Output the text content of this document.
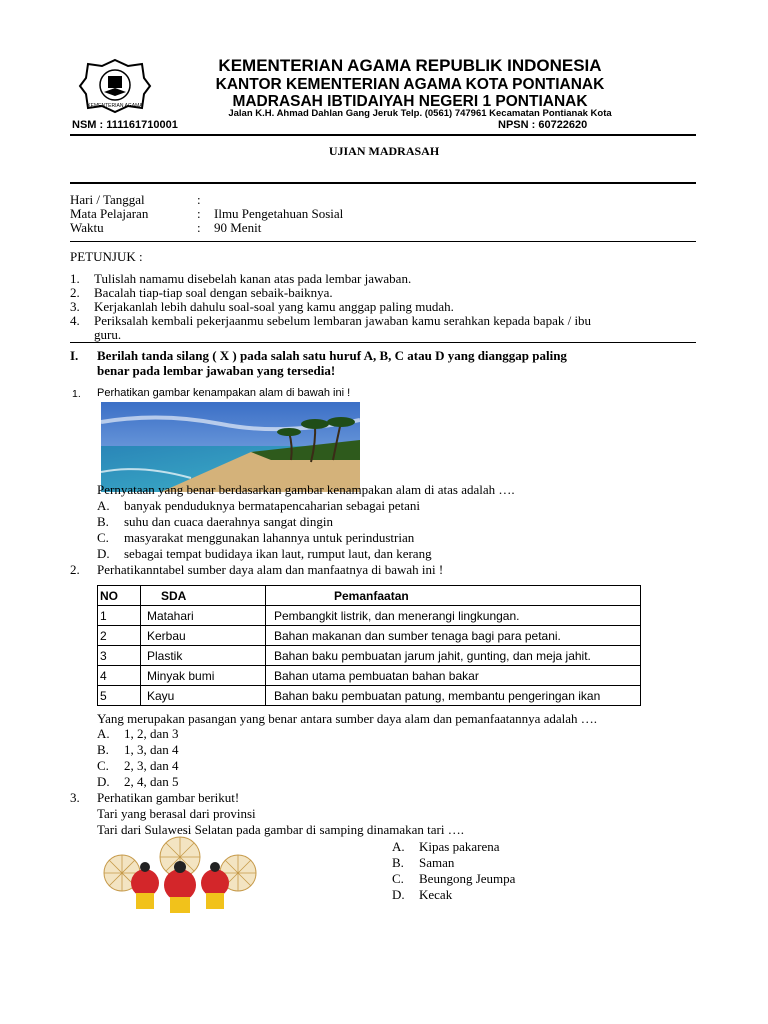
KEMENTERIAN AGAMA
KEMENTERIAN AGAMA REPUBLIK INDONESIA
KANTOR KEMENTERIAN AGAMA KOTA PONTIANAK
MADRASAH IBTIDAIYAH NEGERI 1 PONTIANAK
Jalan K.H. Ahmad Dahlan Gang Jeruk Telp. (0561) 747961 Kecamatan Pontianak Kota
NSM : 111161710001	NPSN : 60722620
UJIAN MADRASAH
Hari / Tanggal	:
Mata Pelajaran	: Ilmu Pengetahuan Sosial
Waktu	: 90 Menit
PETUNJUK :
1. Tulislah namamu disebelah kanan atas pada lembar jawaban.
2. Bacalah tiap-tiap soal dengan sebaik-baiknya.
3. Kerjakanlah lebih dahulu soal-soal yang kamu anggap paling mudah.
4. Periksalah kembali pekerjaanmu sebelum lembaran jawaban kamu serahkan kepada bapak / ibu
guru.
I. Berilah tanda silang ( X ) pada salah satu huruf A, B, C atau D yang dianggap paling
benar pada lembar jawaban yang tersedia!
1. Perhatikan gambar kenampakan alam di bawah ini !
Pernyataan yang benar berdasarkan gambar kenampakan alam di atas adalah ….
A. banyak penduduknya bermatapencaharian sebagai petani
B. suhu dan cuaca daerahnya sangat dingin
C. masyarakat menggunakan lahannya untuk perindustrian
D. sebagai tempat budidaya ikan laut, rumput laut, dan kerang
2. Perhatikanntabel sumber daya alam dan manfaatnya di bawah ini !
NO	SDA	Pemanfaatan
1	Matahari	Pembangkit listrik, dan menerangi lingkungan.
2	Kerbau	Bahan makanan dan sumber tenaga bagi para petani.
3	Plastik	Bahan baku pembuatan jarum jahit, gunting, dan meja jahit.
4	Minyak bumi	Bahan utama pembuatan bahan bakar
5	Kayu	Bahan baku pembuatan patung, membantu pengeringan ikan
Yang merupakan pasangan yang benar antara sumber daya alam dan pemanfaatannya adalah ….
A. 1, 2, dan 3
B. 1, 3, dan 4
C. 2, 3, dan 4
D. 2, 4, dan 5
3. Perhatikan gambar berikut!
Tari yang berasal dari provinsi
Tari dari Sulawesi Selatan pada gambar di samping dinamakan tari ….
A. Kipas pakarena
B. Saman
C. Beungong Jeumpa
D. Kecak
